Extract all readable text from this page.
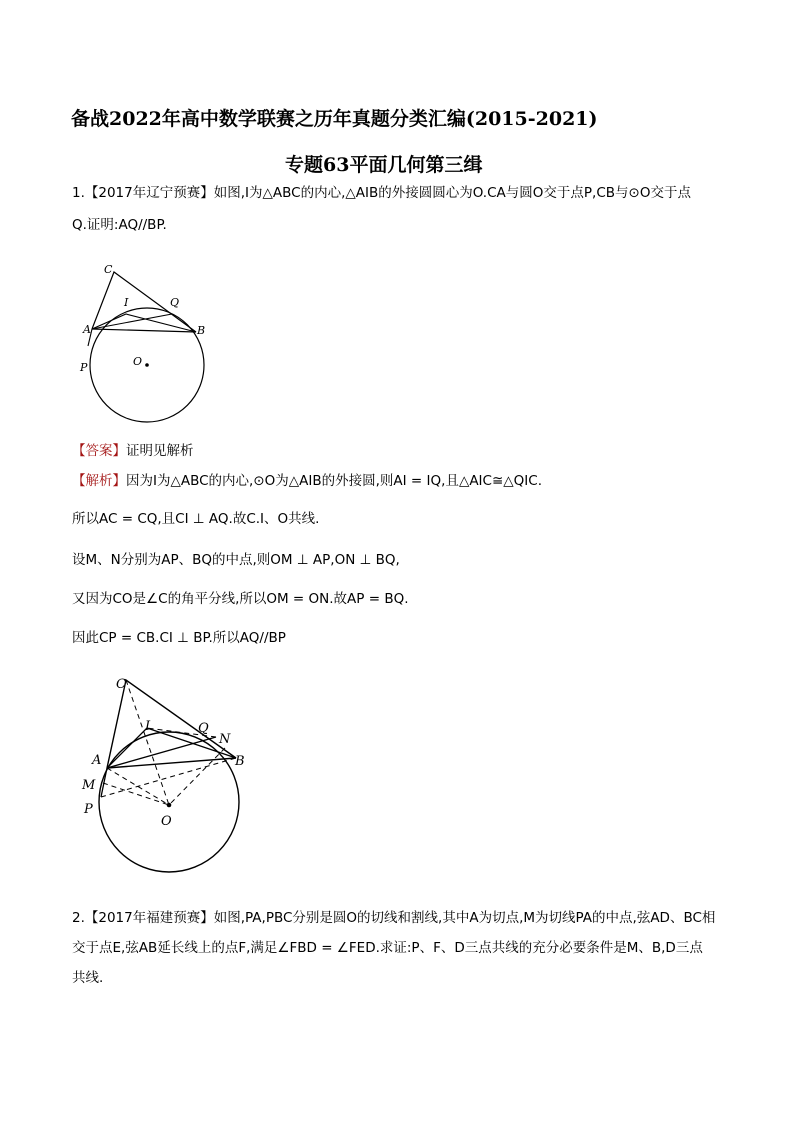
备战2022年高中数学联赛之历年真题分类汇编(2015-2021)
专题63平面几何第三缉
1.【2017年辽宁预赛】如图,I为△ABC的内心,△AIB的外接圆圆心为O.CA与圆O交于点P,CB与⊙O交于点
Q.证明:AQ//BP.
C
I	Q
A	B
O
P
【答案】证明见解析
【解析】因为I为△ABC的内心,⊙O为△AIB的外接圆,则AI = IQ,且△AIC≅△QIC.
所以AC = CQ,且CI ⊥ AQ.故C.I、O共线.
设M、N分别为AP、BQ的中点,则OM ⊥ AP,ON ⊥ BQ,
又因为CO是∠C的角平分线,所以OM = ON.故AP = BQ.
因此CP = CB.CI ⊥ BP.所以AQ//BP
C
I	Q
N
A	B
M
P
O
2.【2017年福建预赛】如图,PA,PBC分别是圆O的切线和割线,其中A为切点,M为切线PA的中点,弦AD、BC相
交于点E,弦AB延长线上的点F,满足∠FBD = ∠FED.求证:P、F、D三点共线的充分必要条件是M、B,D三点
共线.
